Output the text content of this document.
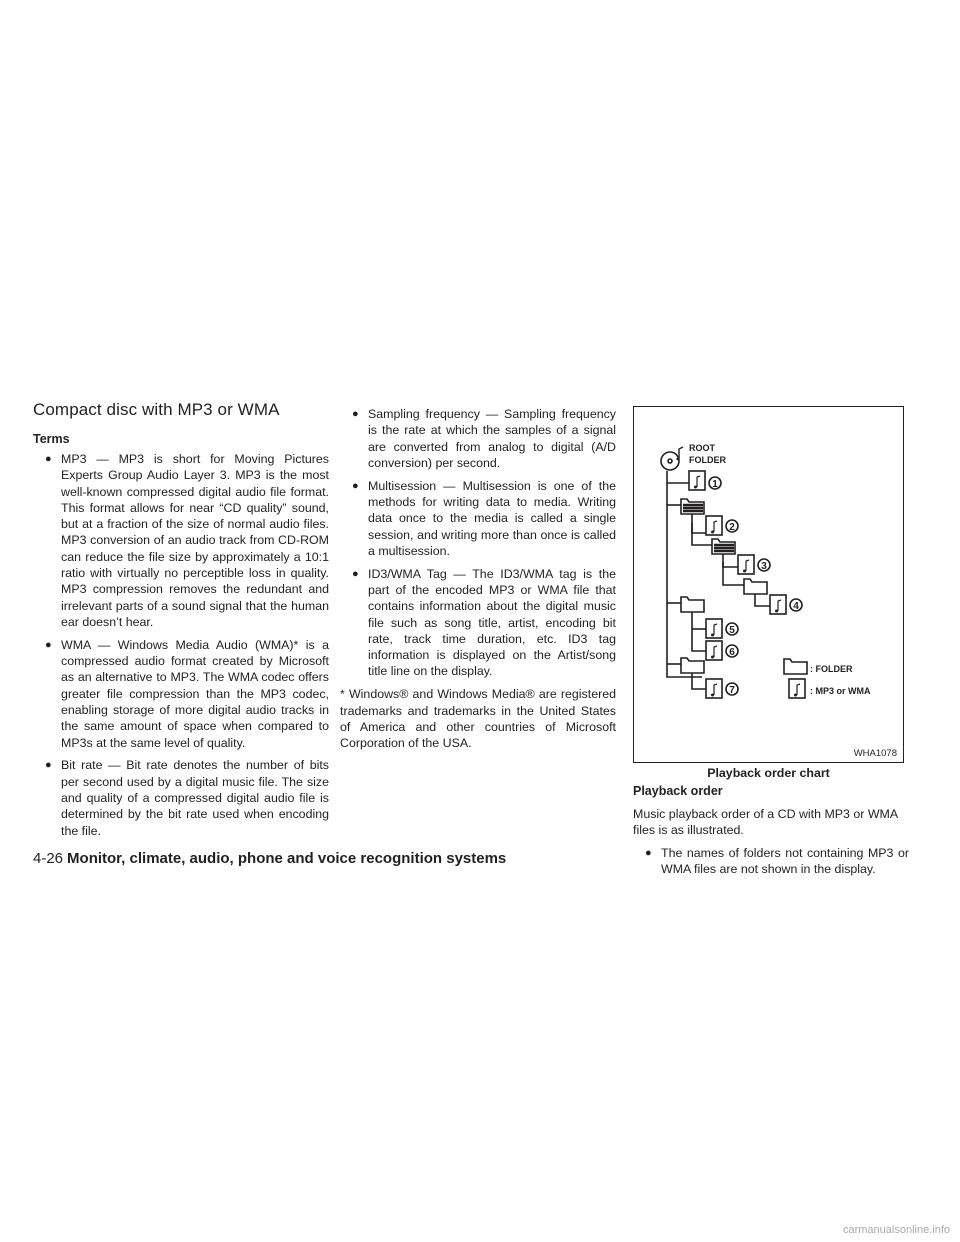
Compact disc with MP3 or WMA
Terms

● MP3 — MP3 is short for Moving Pictures Experts Group Audio Layer 3. MP3 is the most well-known compressed digital audio file format. This format allows for near “CD quality” sound, but at a fraction of the size of normal audio files. MP3 conversion of an audio track from CD-ROM can reduce the file size by approximately a 10:1 ratio with virtually no perceptible loss in quality. MP3 compression removes the redundant and irrelevant parts of a sound signal that the human ear doesn’t hear.

● WMA — Windows Media Audio (WMA)* is a compressed audio format created by Microsoft as an alternative to MP3. The WMA codec offers greater file compression than the MP3 codec, enabling storage of more digital audio tracks in the same amount of space when compared to MP3s at the same level of quality.

● Bit rate — Bit rate denotes the number of bits per second used by a digital music file. The size and quality of a compressed digital audio file is determined by the bit rate used when encoding the file.

● Sampling frequency — Sampling frequency is the rate at which the samples of a signal are converted from analog to digital (A/D conversion) per second.

● Multisession — Multisession is one of the methods for writing data to media. Writing data once to the media is called a single session, and writing more than once is called a multisession.

● ID3/WMA Tag — The ID3/WMA tag is the part of the encoded MP3 or WMA file that contains information about the digital music file such as song title, artist, encoding bit rate, track time duration, etc. ID3 tag information is displayed on the Artist/song title line on the display.

* Windows® and Windows Media® are registered trademarks and trademarks in the United States of America and other countries of Microsoft Corporation of the USA.

ROOT
FOLDER
1
2
3
4
5
6
7
: FOLDER
: MP3 or WMA
WHA1078
Playback order chart
Playback order

Music playback order of a CD with MP3 or WMA files is as illustrated.

● The names of folders not containing MP3 or WMA files are not shown in the display.

4-26 Monitor, climate, audio, phone and voice recognition systems
carmanualsonline.info
